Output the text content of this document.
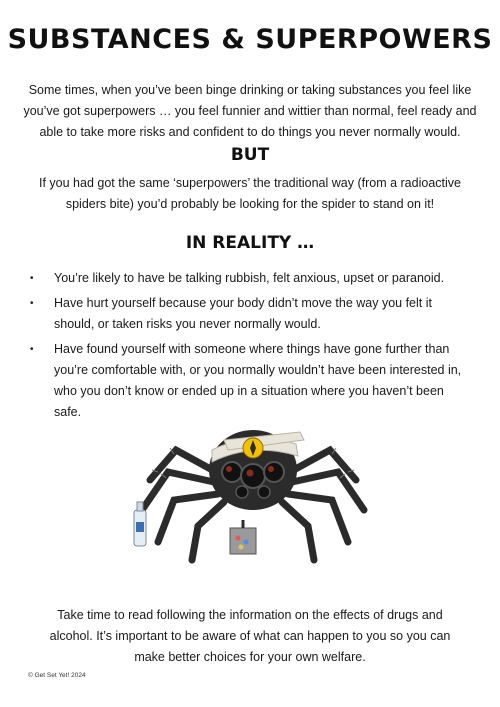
SUBSTANCES & SUPERPOWERS
Some times, when you’ve been binge drinking or taking substances you feel like you’ve got superpowers … you feel funnier and wittier than normal, feel ready and able to take more risks and confident to do things you never normally would.
BUT
If you had got the same ‘superpowers’ the traditional way (from a radioactive spiders bite) you’d probably be looking for the spider to stand on it!
IN REALITY …
• You’re likely to have be talking rubbish, felt anxious, upset or paranoid.
• Have hurt yourself because your body didn’t move the way you felt it should, or taken risks you never normally would.
• Have found yourself with someone where things have gone further than you’re comfortable with, or you normally wouldn’t have been interested in, who you don’t know or ended up in a situation where you haven’t been safe.
Take time to read following the information on the effects of drugs and alcohol. It’s important to be aware of what can happen to you so you can make better choices for your own welfare.
© Get Set Yet! 2024
